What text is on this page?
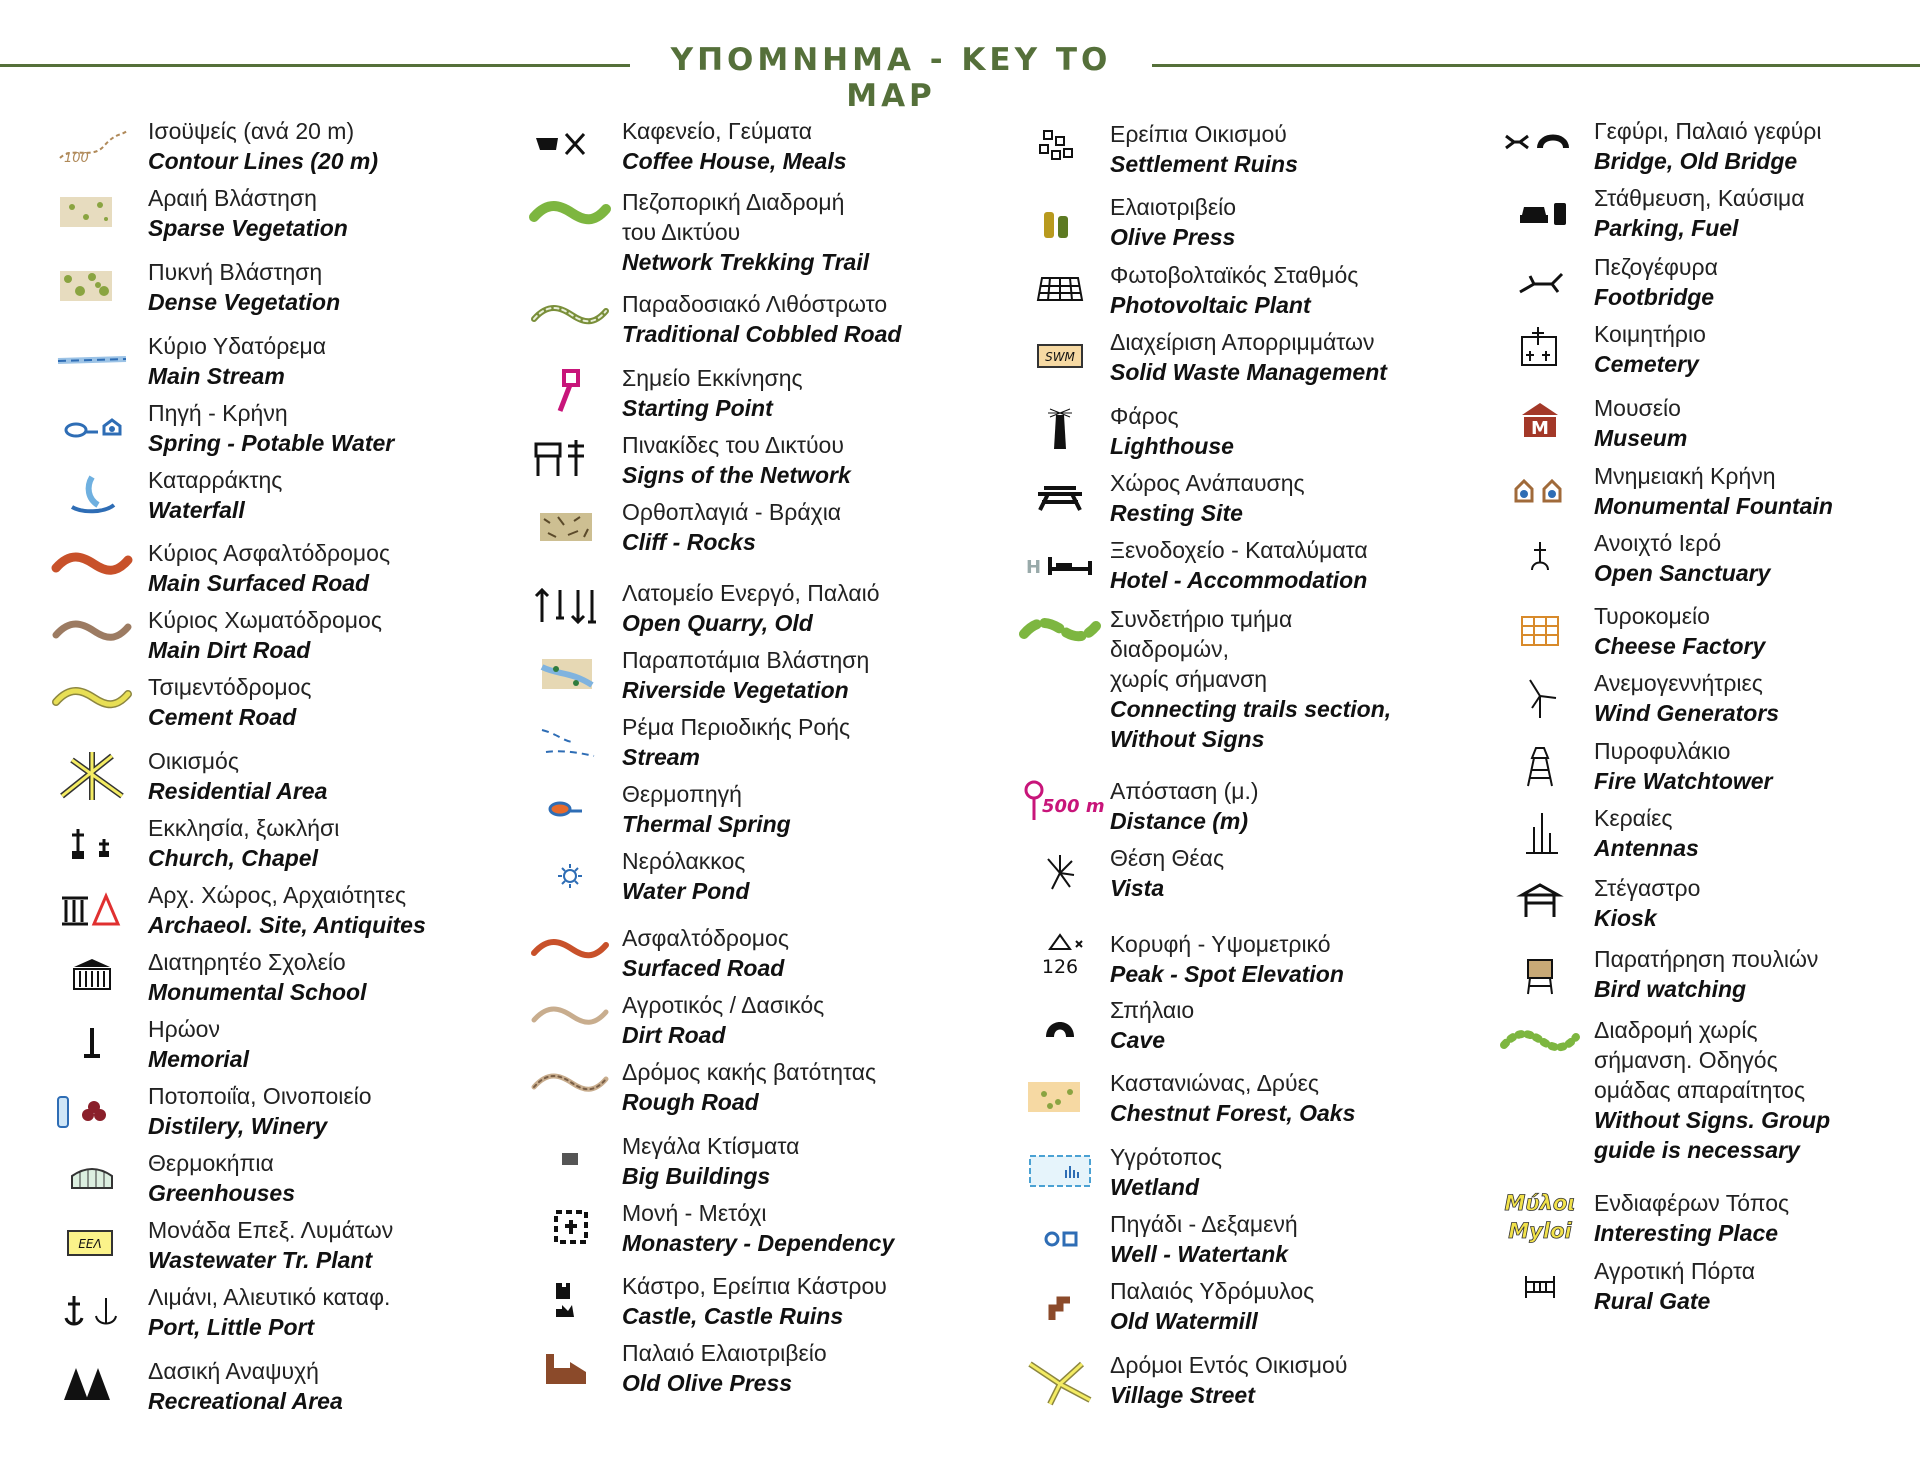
ΥΠΟΜΝΗΜΑ - KEY TO MAP
100
Ισοϋψείς (ανά 20 m)
Contour Lines (20 m)
Αραιή Βλάστηση
Sparse Vegetation
Πυκνή Βλάστηση
Dense Vegetation
Κύριο Υδατόρεμα
Main Stream
Πηγή - Κρήνη
Spring - Potable Water
Καταρράκτης
Waterfall
Κύριος Ασφαλτόδρομος
Main Surfaced Road
Κύριος Χωματόδρομος
Main Dirt Road
Τσιμεντόδρομος
Cement Road
Οικισμός
Residential Area
Εκκλησία, ξωκλήσι
Church, Chapel
Αρχ. Χώρος, Αρχαιότητες
Archaeol. Site, Antiquites
Διατηρητέο Σχολείο
Monumental School
Ηρώον
Memorial
Ποτοποιΐα, Οινοποιείο
Distilery, Winery
Θερμοκήπια
Greenhouses
ΕΕΛ
Μονάδα Επεξ. Λυμάτων
Wastewater Tr. Plant
Λιμάνι, Αλιευτικό καταφ.
Port, Little Port
Δασική Αναψυχή
Recreational Area
Καφενείο, Γεύματα
Coffee House, Meals
Πεζοπορική Διαδρομή
του Δικτύου
Network Trekking Trail
Παραδοσιακό Λιθόστρωτο
Traditional Cobbled Road
Σημείο Εκκίνησης
Starting Point
Πινακίδες του Δικτύου
Signs of the Network
Ορθοπλαγιά - Βράχια
Cliff - Rocks
Λατομείο Ενεργό, Παλαιό
Open Quarry, Old
Παραποτάμια Βλάστηση
Riverside Vegetation
Ρέμα Περιοδικής Ροής
Stream
Θερμοπηγή
Thermal Spring
Νερόλακκος
Water Pond
Ασφαλτόδρομος
Surfaced Road
Αγροτικός / Δασικός
Dirt Road
Δρόμος κακής βατότητας
Rough Road
Μεγάλα Κτίσματα
Big Buildings
Μονή - Μετόχι
Monastery - Dependency
Κάστρο, Ερείπια Κάστρου
Castle, Castle Ruins
Παλαιό Ελαιοτριβείο
Old Olive Press
Ερείπια Οικισμού
Settlement Ruins
Ελαιοτριβείο
Olive Press
Φωτοβολταϊκός Σταθμός
Photovoltaic Plant
SWM
Διαχείριση Απορριμμάτων
Solid Waste Management
Φάρος
Lighthouse
Χώρος Ανάπαυσης
Resting Site
H
Ξενοδοχείο - Καταλύματα
Hotel - Accommodation
Συνδετήριο τμήμα
διαδρομών,
χωρίς σήμανση
Connecting trails section,
Without Signs
500 m
Απόσταση (μ.)
Distance (m)
Θέση Θέας
Vista
126
Κορυφή - Υψομετρικό
Peak - Spot Elevation
Σπήλαιο
Cave
Καστανιώνας, Δρύες
Chestnut Forest, Oaks
Υγρότοπος
Wetland
Πηγάδι - Δεξαμενή
Well - Watertank
Παλαιός Υδρόμυλος
Old Watermill
Δρόμοι Εντός Οικισμού
Village Street
Γεφύρι, Παλαιό γεφύρι
Bridge, Old Bridge
Στάθμευση, Καύσιμα
Parking, Fuel
Πεζογέφυρα
Footbridge
Κοιμητήριο
Cemetery
M
Μουσείο
Museum
Μνημειακή Κρήνη
Monumental Fountain
Ανοιχτό Ιερό
Open Sanctuary
Τυροκομείο
Cheese Factory
Ανεμογεννήτριες
Wind Generators
Πυροφυλάκιο
Fire Watchtower
Κεραίες
Antennas
Στέγαστρο
Kiosk
Παρατήρηση πουλιών
Bird watching
Διαδρομή χωρίς
σήμανση. Οδηγός
ομάδας απαραίτητος
Without Signs. Group
guide is necessary
Μύλοι
Myloi
Ενδιαφέρων Τόπος
Interesting Place
Αγροτική Πόρτα
Rural Gate
